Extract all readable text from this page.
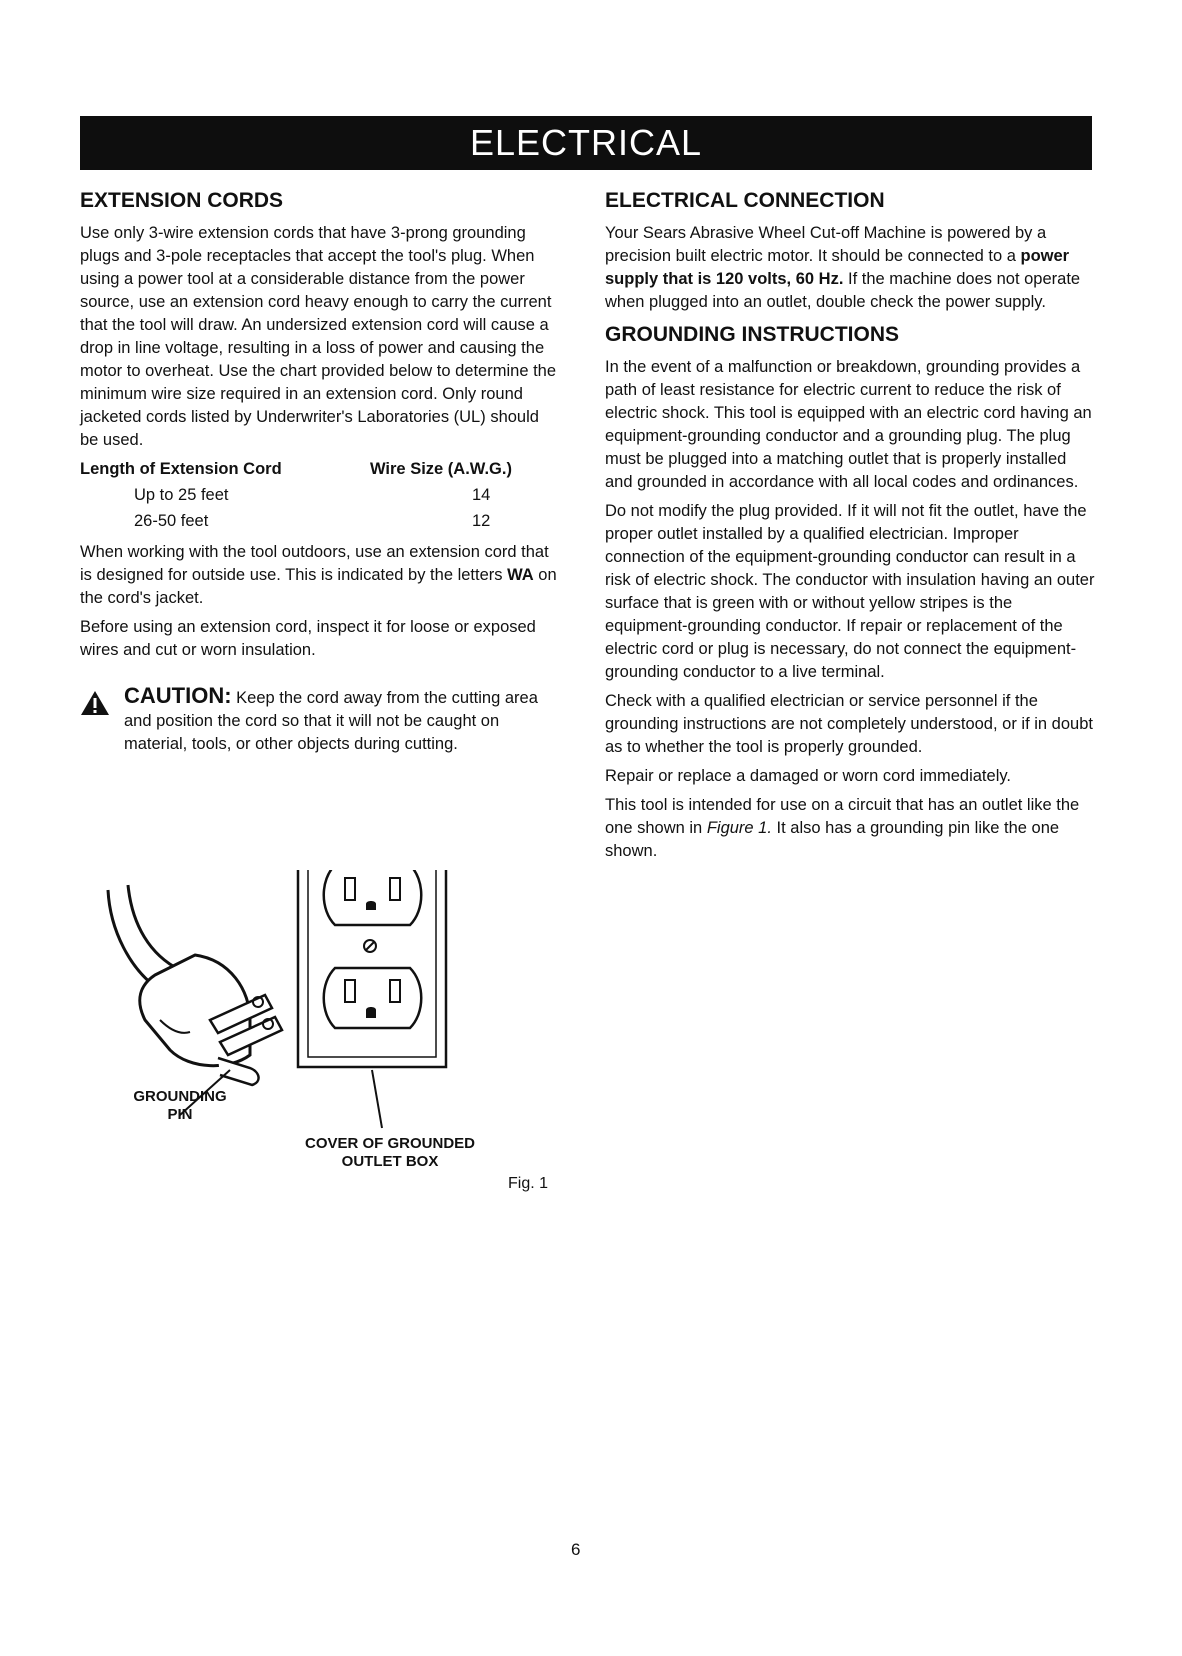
ELECTRICAL
EXTENSION CORDS

Use only 3-wire extension cords that have 3-prong grounding plugs and 3-pole receptacles that accept the tool's plug. When using a power tool at a considerable distance from the power source, use an extension cord heavy enough to carry the current that the tool will draw. An undersized extension cord will cause a drop in line voltage, resulting in a loss of power and causing the motor to overheat. Use the chart provided below to determine the minimum wire size required in an extension cord. Only round jacketed cords listed by Underwriter's Laboratories (UL) should be used.

Length of Extension Cord	Wire Size (A.W.G.)
Up to 25 feet	14
26-50 feet	12

When working with the tool outdoors, use an extension cord that is designed for outside use. This is indicated by the letters WA on the cord's jacket.

Before using an extension cord, inspect it for loose or exposed wires and cut or worn insulation.

CAUTION: Keep the cord away from the cutting area and position the cord so that it will not be caught on material, tools, or other objects during cutting.
GROUNDING
PIN
COVER OF GROUNDED
OUTLET BOX
Fig. 1
ELECTRICAL CONNECTION

Your Sears Abrasive Wheel Cut-off Machine is powered by a precision built electric motor. It should be connected to a power supply that is 120 volts, 60 Hz. If the machine does not operate when plugged into an outlet, double check the power supply.

GROUNDING INSTRUCTIONS

In the event of a malfunction or breakdown, grounding provides a path of least resistance for electric current to reduce the risk of electric shock. This tool is equipped with an electric cord having an equipment-grounding conductor and a grounding plug. The plug must be plugged into a matching outlet that is properly installed and grounded in accordance with all local codes and ordinances.

Do not modify the plug provided. If it will not fit the outlet, have the proper outlet installed by a qualified electrician. Improper connection of the equipment-grounding conductor can result in a risk of electric shock. The conductor with insulation having an outer surface that is green with or without yellow stripes is the equipment-grounding conductor. If repair or replacement of the electric cord or plug is necessary, do not connect the equipment-grounding conductor to a live terminal.

Check with a qualified electrician or service personnel if the grounding instructions are not completely understood, or if in doubt as to whether the tool is properly grounded.

Repair or replace a damaged or worn cord immediately.

This tool is intended for use on a circuit that has an outlet like the one shown in Figure 1. It also has a grounding pin like the one shown.

6
